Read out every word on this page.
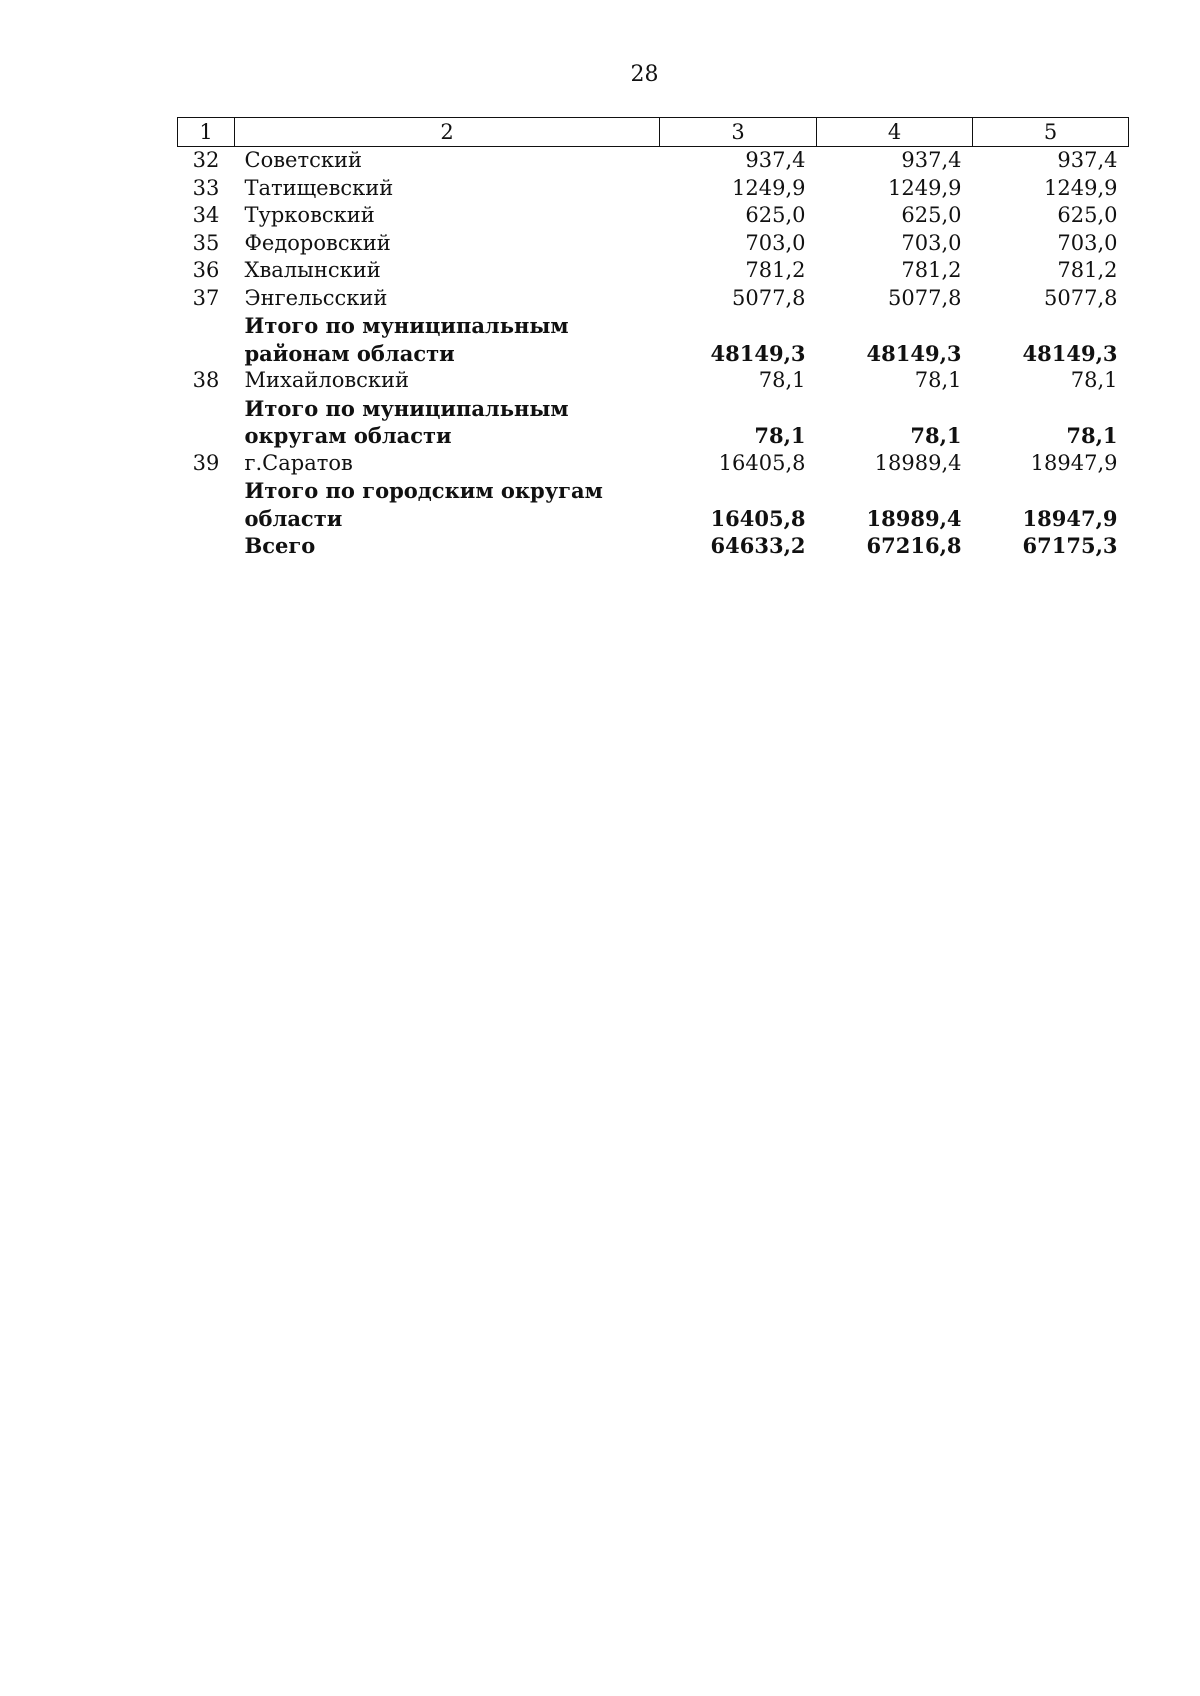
28
1	2	3	4	5
32	Советский	937,4	937,4	937,4
33	Татищевский	1249,9	1249,9	1249,9
34	Турковский	625,0	625,0	625,0
35	Федоровский	703,0	703,0	703,0
36	Хвалынский	781,2	781,2	781,2
37	Энгельсский	5077,8	5077,8	5077,8
	Итого по муниципальным районам области	48149,3	48149,3	48149,3
38	Михайловский	78,1	78,1	78,1
	Итого по муниципальным округам области	78,1	78,1	78,1
39	г.Саратов	16405,8	18989,4	18947,9
	Итого по городским округам области	16405,8	18989,4	18947,9
	Всего	64633,2	67216,8	67175,3
